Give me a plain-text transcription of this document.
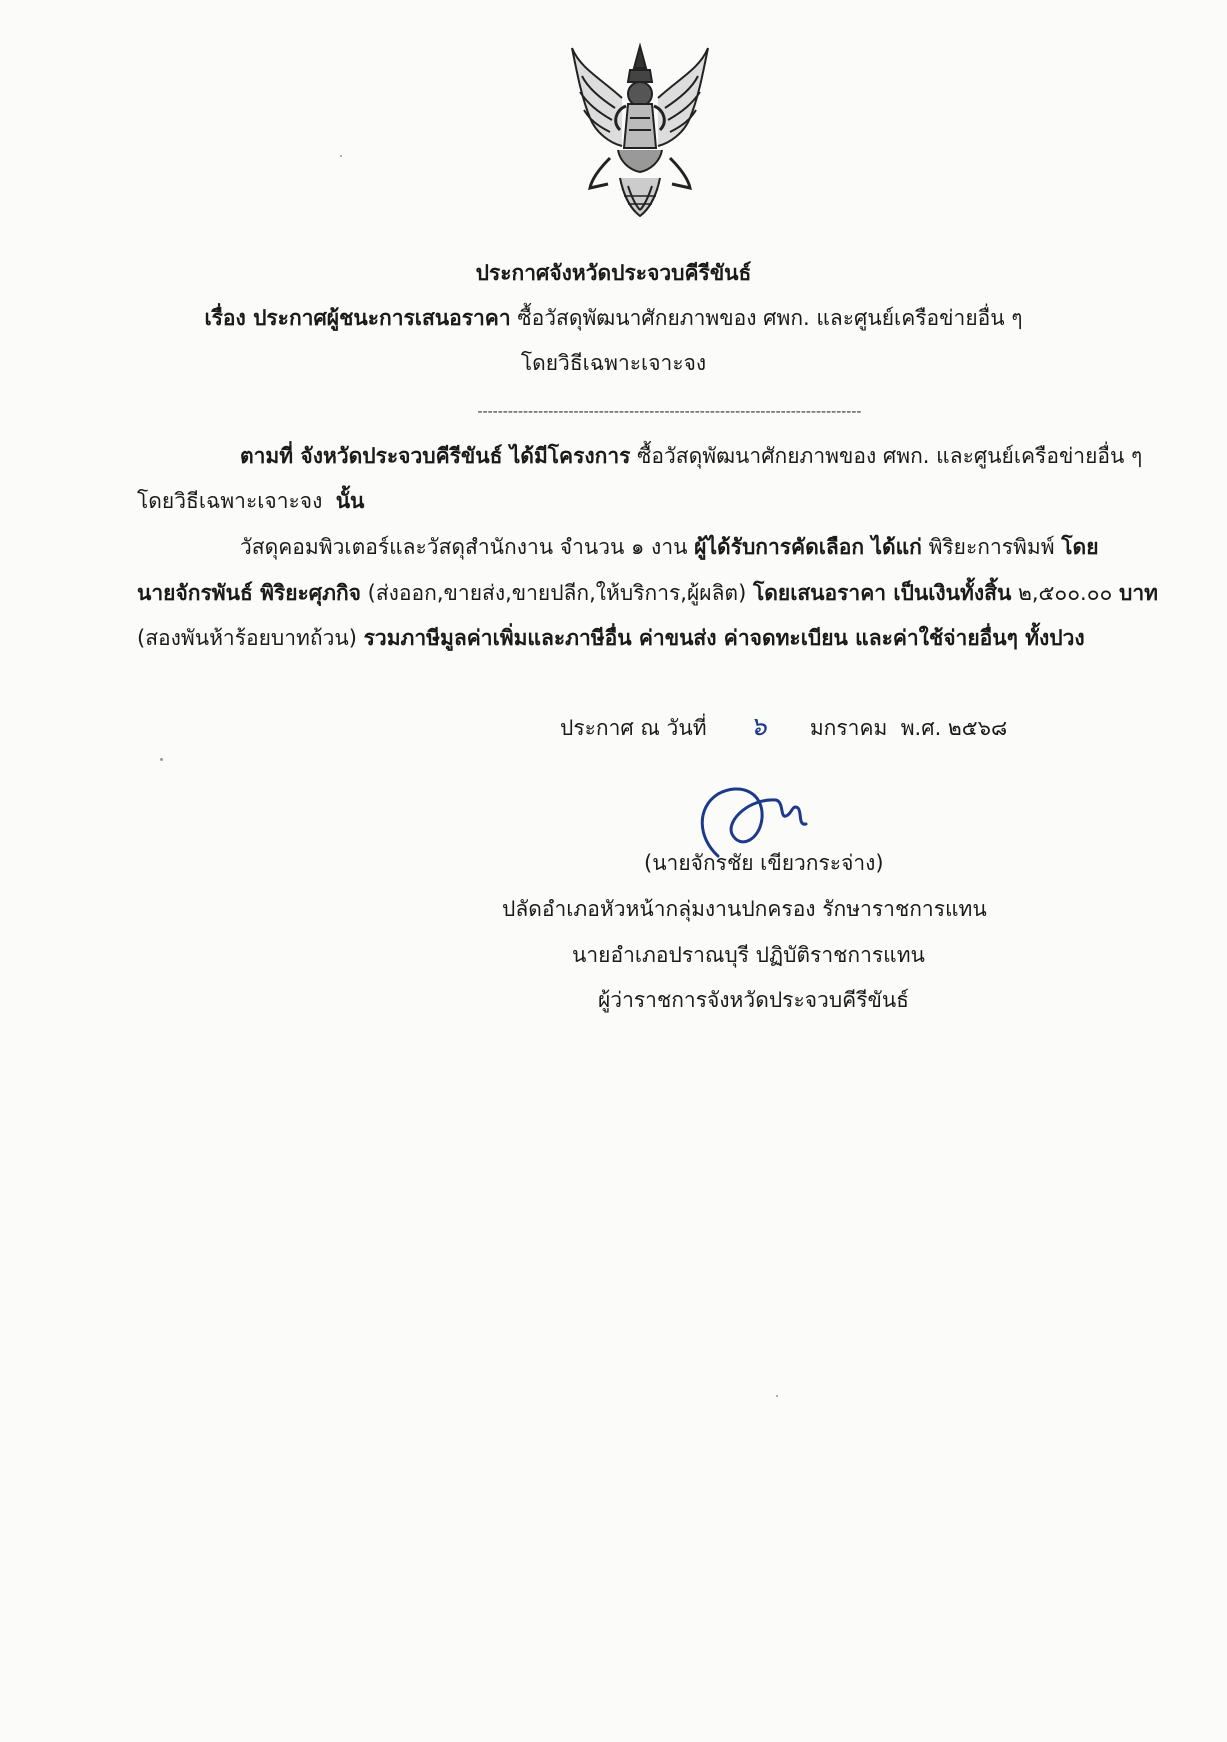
ประกาศจังหวัดประจวบคีรีขันธ์
เรื่อง ประกาศผู้ชนะการเสนอราคา ซื้อวัสดุพัฒนาศักยภาพของ ศพก. และศูนย์เครือข่ายอื่น ๆ
โดยวิธีเฉพาะเจาะจง
----------------------------------------------------------------------------
ตามที่ จังหวัดประจวบคีรีขันธ์ ได้มีโครงการ ซื้อวัสดุพัฒนาศักยภาพของ ศพก. และศูนย์เครือข่ายอื่น ๆ
โดยวิธีเฉพาะเจาะจง นั้น
วัสดุคอมพิวเตอร์และวัสดุสำนักงาน จำนวน ๑ งาน ผู้ได้รับการคัดเลือก ได้แก่ พิริยะการพิมพ์ โดย
นายจักรพันธ์ พิริยะศุภกิจ (ส่งออก,ขายส่ง,ขายปลีก,ให้บริการ,ผู้ผลิต) โดยเสนอราคา เป็นเงินทั้งสิ้น ๒,๕๐๐.๐๐ บาท
(สองพันห้าร้อยบาทถ้วน) รวมภาษีมูลค่าเพิ่มและภาษีอื่น ค่าขนส่ง ค่าจดทะเบียน และค่าใช้จ่ายอื่นๆ ทั้งปวง
ประกาศ ณ วันที่ ๖ มกราคม พ.ศ. ๒๕๖๘
(นายจักรชัย เขียวกระจ่าง)
ปลัดอำเภอหัวหน้ากลุ่มงานปกครอง รักษาราชการแทน
นายอำเภอปราณบุรี ปฏิบัติราชการแทน
ผู้ว่าราชการจังหวัดประจวบคีรีขันธ์
